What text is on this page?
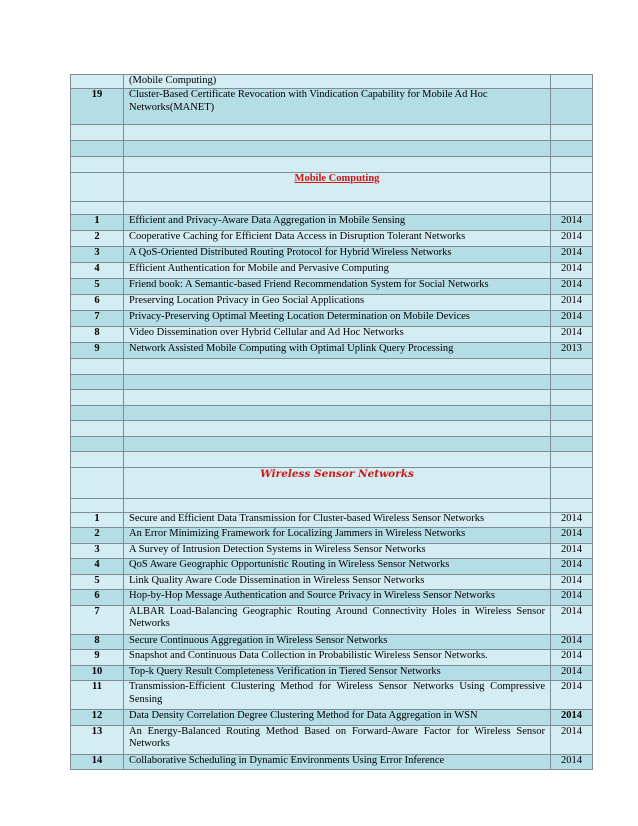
	(Mobile Computing)	
19	Cluster-Based Certificate Revocation with Vindication Capability for Mobile Ad Hoc Networks(MANET)	

	Mobile Computing	

1	Efficient and Privacy-Aware Data Aggregation in Mobile Sensing	2014
2	Cooperative Caching for Efficient Data Access in Disruption Tolerant Networks	2014
3	A QoS-Oriented Distributed Routing Protocol for Hybrid Wireless Networks	2014
4	Efficient Authentication for Mobile and Pervasive Computing	2014
5	Friend book: A Semantic-based Friend Recommendation System for Social Networks	2014
6	Preserving Location Privacy in Geo Social Applications	2014
7	Privacy-Preserving Optimal Meeting Location Determination on Mobile Devices	2014
8	Video Dissemination over Hybrid Cellular and Ad Hoc Networks	2014
9	Network Assisted Mobile Computing with Optimal Uplink Query Processing	2013

	Wireless Sensor Networks	

1	Secure and Efficient Data Transmission for Cluster-based Wireless Sensor Networks	2014
2	An Error Minimizing Framework for Localizing Jammers in Wireless Networks	2014
3	A Survey of Intrusion Detection Systems in Wireless Sensor Networks	2014
4	QoS Aware Geographic Opportunistic Routing in Wireless Sensor Networks	2014
5	Link Quality Aware Code Dissemination in Wireless Sensor Networks	2014
6	Hop-by-Hop Message Authentication and Source Privacy in Wireless Sensor Networks	2014
7	ALBAR Load-Balancing Geographic Routing Around Connectivity Holes in Wireless Sensor Networks	2014
8	Secure Continuous Aggregation in Wireless Sensor Networks	2014
9	Snapshot and Continuous Data Collection in Probabilistic Wireless Sensor Networks.	2014
10	Top-k Query Result Completeness Verification in Tiered Sensor Networks	2014
11	Transmission-Efficient Clustering Method for Wireless Sensor Networks Using Compressive Sensing	2014
12	Data Density Correlation Degree Clustering Method for Data Aggregation in WSN	2014
13	An Energy-Balanced Routing Method Based on Forward-Aware Factor for Wireless Sensor Networks	2014
14	Collaborative Scheduling in Dynamic Environments Using Error Inference	2014
